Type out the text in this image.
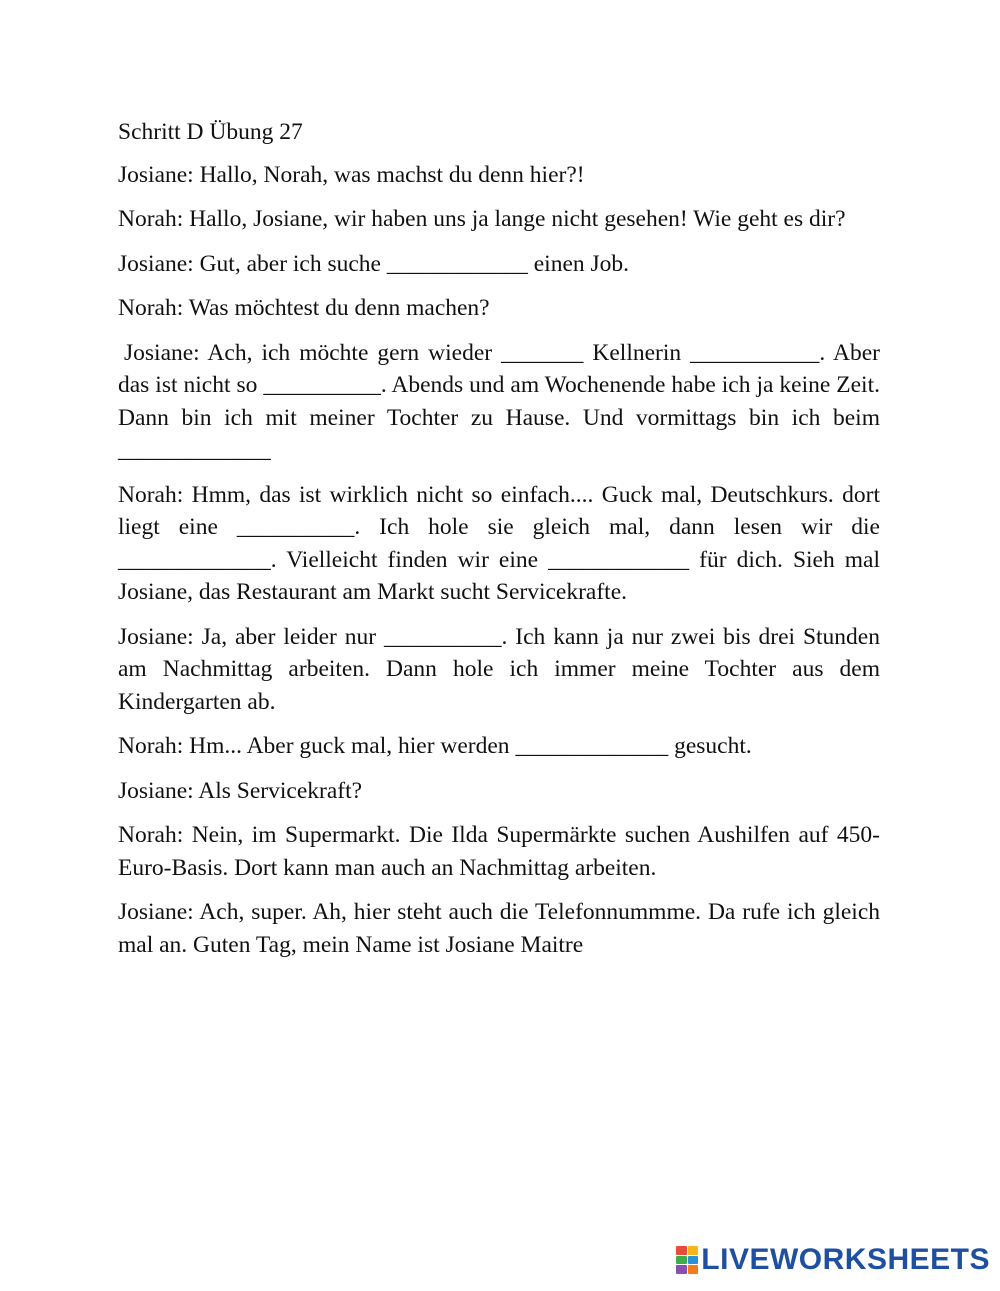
Schritt D Übung 27

Josiane: Hallo, Norah, was machst du denn hier?!

Norah: Hallo, Josiane, wir haben uns ja lange nicht gesehen! Wie geht es dir?

Josiane: Gut, aber ich suche ____________ einen Job.

Norah: Was möchtest du denn machen?

Josiane: Ach, ich möchte gern wieder _______ Kellnerin ___________. Aber das ist nicht so __________. Abends und am Wochenende habe ich ja keine Zeit. Dann bin ich mit meiner Tochter zu Hause. Und vormittags bin ich beim _____________

Norah: Hmm, das ist wirklich nicht so einfach.... Guck mal, Deutschkurs. dort liegt eine __________. Ich hole sie gleich mal, dann lesen wir die _____________. Vielleicht finden wir eine ____________ für dich. Sieh mal Josiane, das Restaurant am Markt sucht Servicekrafte.

Josiane: Ja, aber leider nur __________. Ich kann ja nur zwei bis drei Stunden am Nachmittag arbeiten. Dann hole ich immer meine Tochter aus dem Kindergarten ab.

Norah: Hm... Aber guck mal, hier werden _____________ gesucht.

Josiane: Als Servicekraft?

Norah: Nein, im Supermarkt. Die Ilda Supermärkte suchen Aushilfen auf 450-Euro-Basis. Dort kann man auch an Nachmittag arbeiten.

Josiane: Ach, super. Ah, hier steht auch die Telefonnummme. Da rufe ich gleich mal an. Guten Tag, mein Name ist Josiane Maitre

LIVEWORKSHEETS
